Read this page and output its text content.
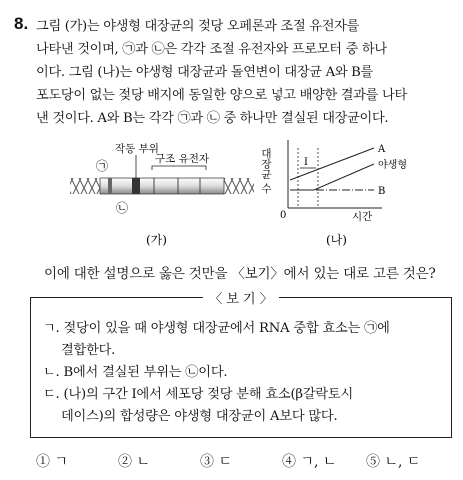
8. 그림 (가)는 야생형 대장균의 젖당 오페론과 조절 유전자를
나타낸 것이며, ㉠과 ㉡은 각각 조절 유전자와 프로모터 중 하나
이다. 그림 (나)는 야생형 대장균과 돌연변이 대장균 A와 B를
포도당이 없는 젖당 배지에 동일한 양으로 넣고 배양한 결과를 나타
낸 것이다. A와 B는 각각 ㉠과 ㉡ 중 하나만 결실된 대장균이다.
작동 부위
구조 유전자
㉠
㉡
(가)
대장균 수
0	시간
I
A
야생형
B
(나)
이에 대한 설명으로 옳은 것만을 〈보기〉에서 있는 대로 고른 것은?
〈 보 기 〉
ㄱ. 젖당이 있을 때 야생형 대장균에서 RNA 중합 효소는 ㉠에
결합한다.
ㄴ. B에서 결실된 부위는 ㉡이다.
ㄷ. (나)의 구간 Ⅰ에서 세포당 젖당 분해 효소(β갈락토시
데이스)의 합성량은 야생형 대장균이 A보다 많다.
① ㄱ	② ㄴ	③ ㄷ	④ ㄱ, ㄴ ⑤ ㄴ, ㄷ
